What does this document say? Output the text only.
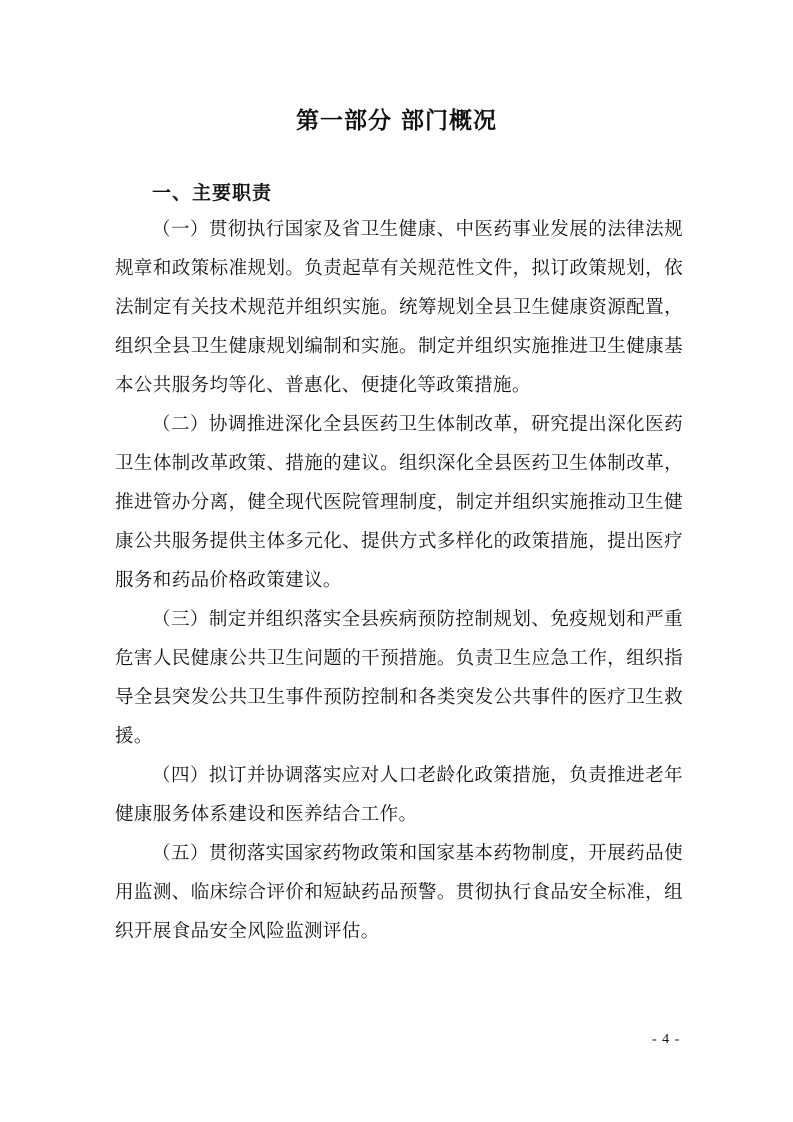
第一部分 部门概况
一、主要职责

（一）贯彻执行国家及省卫生健康、中医药事业发展的法律法规规章和政策标准规划。负责起草有关规范性文件，拟订政策规划，依法制定有关技术规范并组织实施。统筹规划全县卫生健康资源配置，组织全县卫生健康规划编制和实施。制定并组织实施推进卫生健康基本公共服务均等化、普惠化、便捷化等政策措施。

（二）协调推进深化全县医药卫生体制改革，研究提出深化医药卫生体制改革政策、措施的建议。组织深化全县医药卫生体制改革，推进管办分离，健全现代医院管理制度，制定并组织实施推动卫生健康公共服务提供主体多元化、提供方式多样化的政策措施，提出医疗服务和药品价格政策建议。

（三）制定并组织落实全县疾病预防控制规划、免疫规划和严重危害人民健康公共卫生问题的干预措施。负责卫生应急工作，组织指导全县突发公共卫生事件预防控制和各类突发公共事件的医疗卫生救援。

（四）拟订并协调落实应对人口老龄化政策措施，负责推进老年健康服务体系建设和医养结合工作。

（五）贯彻落实国家药物政策和国家基本药物制度，开展药品使用监测、临床综合评价和短缺药品预警。贯彻执行食品安全标准，组织开展食品安全风险监测评估。

- 4 -
